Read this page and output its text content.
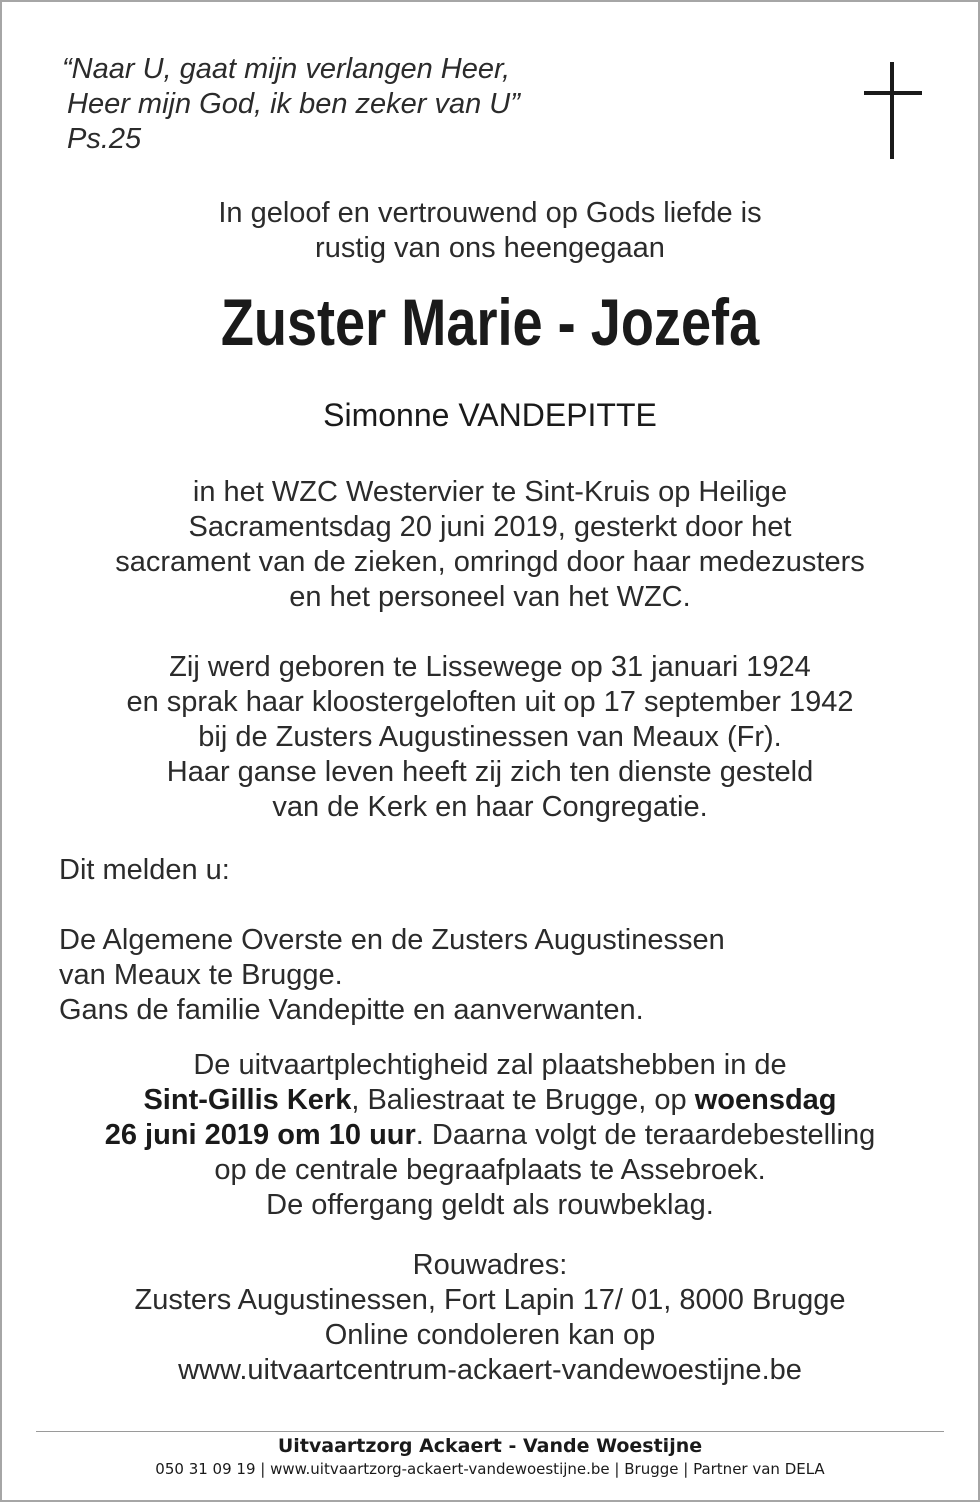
“Naar U, gaat mijn verlangen Heer,
Heer mijn God, ik ben zeker van U”
Ps.25
In geloof en vertrouwend op Gods liefde is
rustig van ons heengegaan
Zuster Marie - Jozefa
Simonne VANDEPITTE
in het WZC Westervier te Sint-Kruis op Heilige
Sacramentsdag 20 juni 2019, gesterkt door het
sacrament van de zieken, omringd door haar medezusters
en het personeel van het WZC.
Zij werd geboren te Lissewege op 31 januari 1924
en sprak haar kloostergeloften uit op 17 september 1942
bij de Zusters Augustinessen van Meaux (Fr).
Haar ganse leven heeft zij zich ten dienste gesteld
van de Kerk en haar Congregatie.
Dit melden u:
De Algemene Overste en de Zusters Augustinessen
van Meaux te Brugge.
Gans de familie Vandepitte en aanverwanten.
De uitvaartplechtigheid zal plaatshebben in de
Sint-Gillis Kerk, Baliestraat te Brugge, op woensdag
26 juni 2019 om 10 uur. Daarna volgt de teraardebestelling
op de centrale begraafplaats te Assebroek.
De offergang geldt als rouwbeklag.
Rouwadres:
Zusters Augustinessen, Fort Lapin 17/ 01, 8000 Brugge
Online condoleren kan op
www.uitvaartcentrum-ackaert-vandewoestijne.be
Uitvaartzorg Ackaert - Vande Woestijne
050 31 09 19 | www.uitvaartzorg-ackaert-vandewoestijne.be | Brugge | Partner van DELA
